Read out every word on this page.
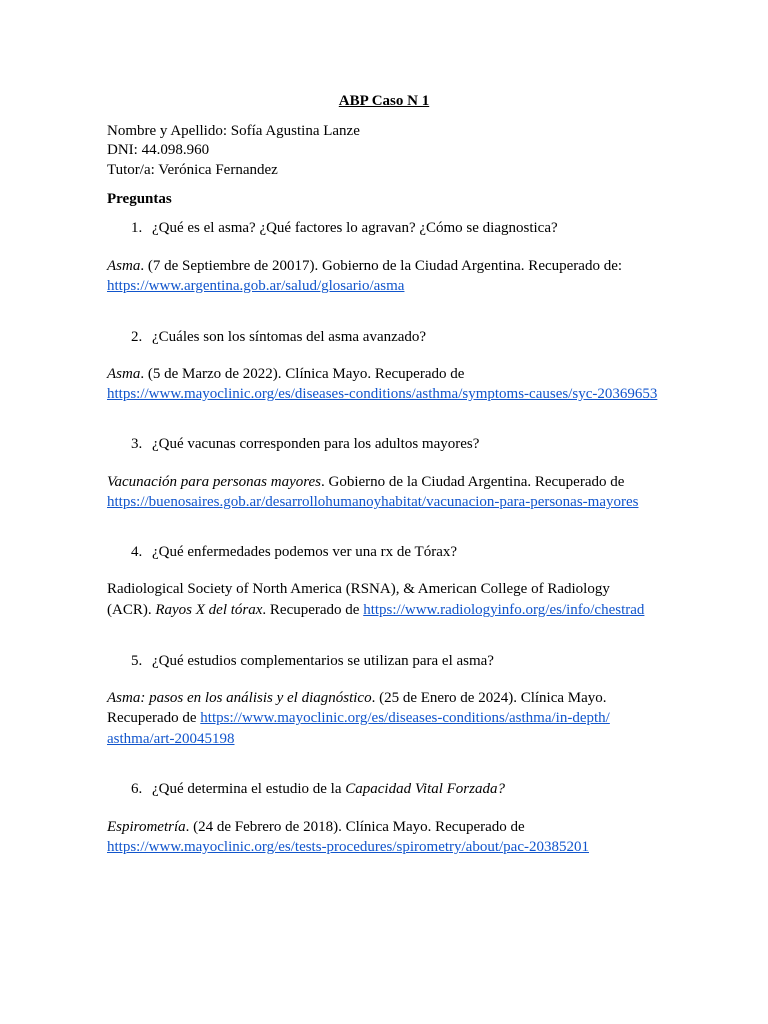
ABP Caso N 1
Nombre y Apellido: Sofía Agustina Lanze
DNI: 44.098.960
Tutor/a: Verónica Fernandez
Preguntas
1. ¿Qué es el asma? ¿Qué factores lo agravan? ¿Cómo se diagnostica?
Asma. (7 de Septiembre de 20017). Gobierno de la Ciudad Argentina. Recuperado de:
https://www.argentina.gob.ar/salud/glosario/asma
2. ¿Cuáles son los síntomas del asma avanzado?
Asma. (5 de Marzo de 2022). Clínica Mayo. Recuperado de
https://www.mayoclinic.org/es/diseases-conditions/asthma/symptoms-causes/syc-20369653
3. ¿Qué vacunas corresponden para los adultos mayores?
Vacunación para personas mayores. Gobierno de la Ciudad Argentina. Recuperado de
https://buenosaires.gob.ar/desarrollohumanoyhabitat/vacunacion-para-personas-mayores
4. ¿Qué enfermedades podemos ver una rx de Tórax?
Radiological Society of North America (RSNA), & American College of Radiology
(ACR). Rayos X del tórax. Recuperado de https://www.radiologyinfo.org/es/info/chestrad
5. ¿Qué estudios complementarios se utilizan para el asma?
Asma: pasos en los análisis y el diagnóstico. (25 de Enero de 2024). Clínica Mayo.
Recuperado de https://www.mayoclinic.org/es/diseases-conditions/asthma/in-depth/
asthma/art-20045198
6. ¿Qué determina el estudio de la Capacidad Vital Forzada?
Espirometría. (24 de Febrero de 2018). Clínica Mayo. Recuperado de
https://www.mayoclinic.org/es/tests-procedures/spirometry/about/pac-20385201
